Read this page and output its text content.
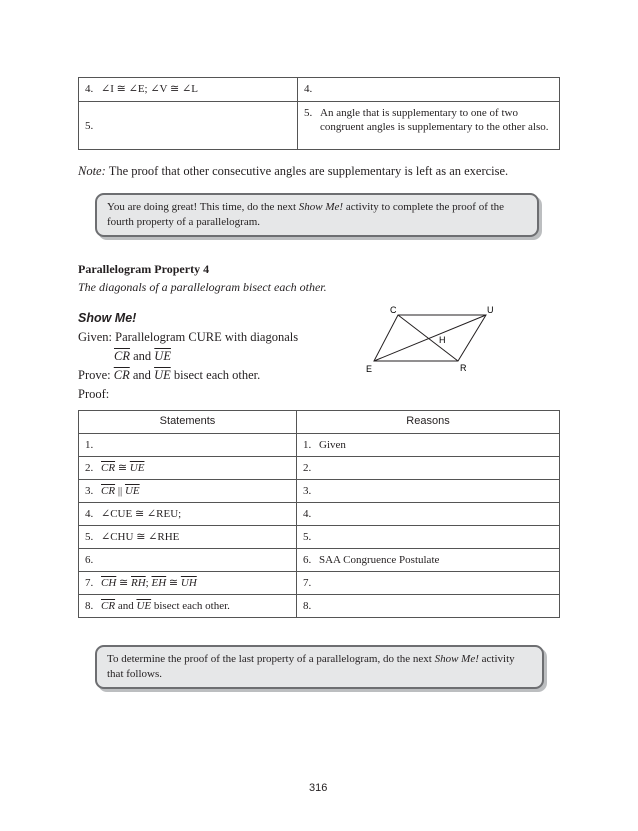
4. ∠I ≅ ∠E; ∠V ≅ ∠L	4.

5.	5. An angle that is supplementary to one of two congruent angles is supplementary to the other also.
Note: The proof that other consecutive angles are supplementary is left as an exercise.
You are doing great! This time, do the next Show Me! activity to complete the proof of the fourth property of a parallelogram.
Parallelogram Property 4
The diagonals of a parallelogram bisect each other.
Show Me!
Given: Parallelogram CURE with diagonals
$\overline{CR}$ and $\overline{UE}$
Prove: $\overline{CR}$ and $\overline{UE}$ bisect each other.
Proof:
C	U
E	R
H
Statements	Reasons

1.	1. Given

2. $\overline{CR}$ ≅ $\overline{UE}$	2.

3. $\overline{CR}$ || $\overline{UE}$	3.

4. ∠CUE ≅ ∠REU;	4.

5. ∠CHU ≅ ∠RHE	5.

6.	6. SAA Congruence Postulate

7. $\overline{CH}$ ≅ $\overline{RH}$; $\overline{EH}$ ≅ $\overline{UH}$	7.

8. $\overline{CR}$ and $\overline{UE}$ bisect each other.	8.
To determine the proof of the last property of a parallelogram, do the next Show Me! activity that follows.
316
